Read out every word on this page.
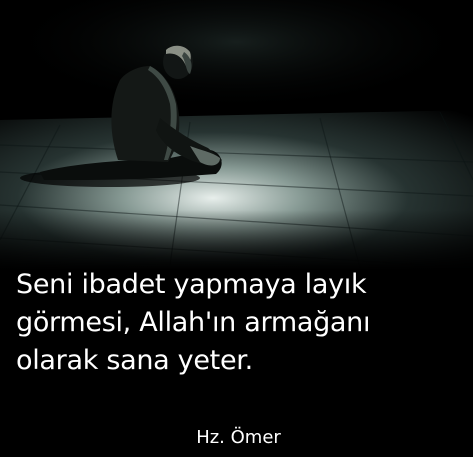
Seni ibadet yapmaya layık
görmesi, Allah'ın armağanı
olarak sana yeter.

Hz. Ömer
